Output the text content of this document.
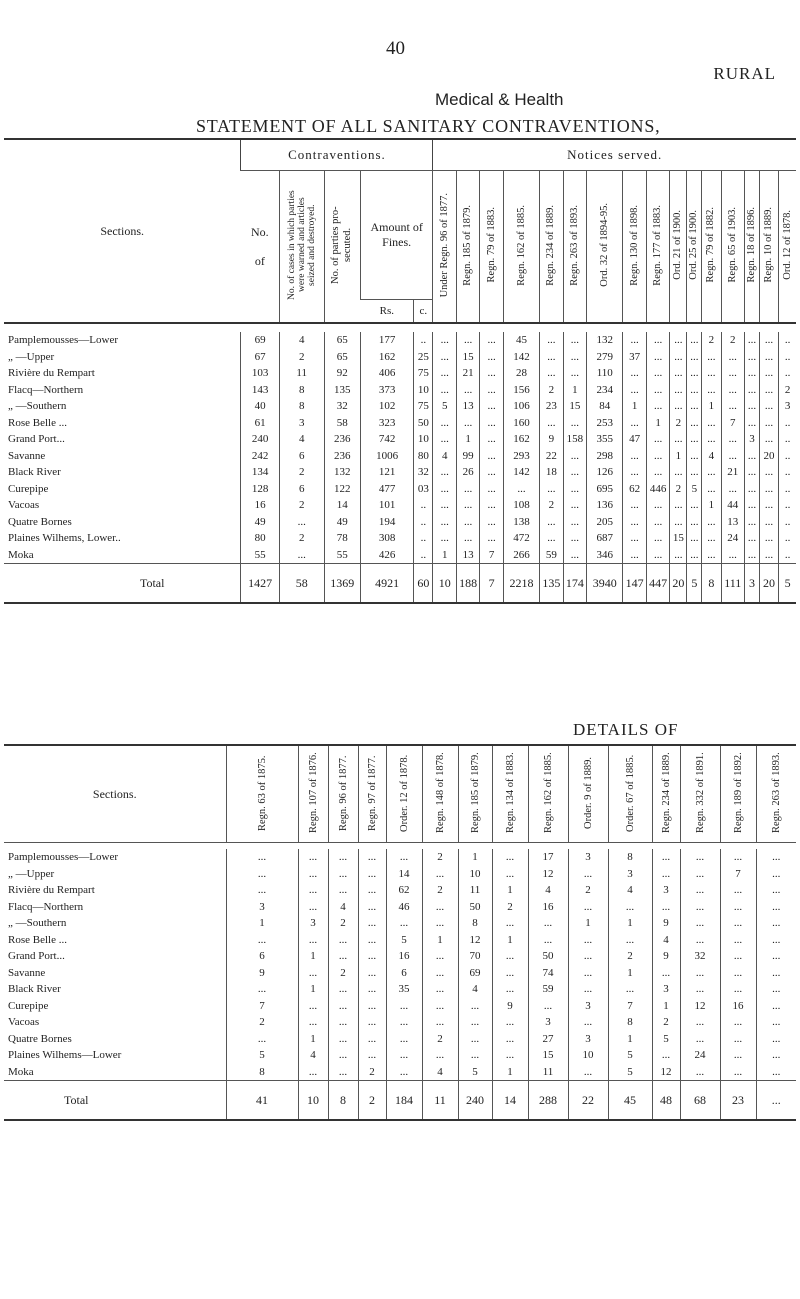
40
RURAL
Medical & Health
STATEMENT OF ALL SANITARY CONTRAVENTIONS,
Sections.	Contraventions.					Notices served.															

	No.
of	No. of cases in which parties were warned and articles seized and destroyed.	No. of parties pro-secuted.	Amount of Fines.		Under Regn. 96 of 1877.	Regn. 185 of 1879.	Regn. 79 of 1883.	Regn. 162 of 1885.	Regn. 234 of 1889.	Regn. 263 of 1893.	Ord. 32 of 1894-95.	Regn. 130 of 1898.	Regn. 177 of 1883.	Ord. 21 of 1900.	Ord. 25 of 1900.	Regn. 79 of 1882.	Regn. 65 of 1903.	Regn. 18 of 1896.	Regn. 10 of 1889.	Ord. 12 of 1878.
				Rs.	c.																

Pamplemousses—Lower	69	4	65	177	..	...	...	...	45	...	...	132	...	...	...	...	2	2	...	...	..
„ —Upper	67	2	65	162	25	...	15	...	142	...	...	279	37	...	...	...	...	...	...	...	..
Rivière du Rempart	103	11	92	406	75	...	21	...	28	...	...	110	...	...	...	...	...	...	...	...	..
Flacq—Northern	143	8	135	373	10	...	...	...	156	2	1	234	...	...	...	...	...	...	...	...	2
„ —Southern	40	8	32	102	75	5	13	...	106	23	15	84	1	...	...	...	1	...	...	...	3
Rose Belle ...	61	3	58	323	50	...	...	...	160	...	...	253	...	1	2	...	...	7	...	...	..
Grand Port...	240	4	236	742	10	...	1	...	162	9	158	355	47	...	...	...	...	...	3	...	..
Savanne	242	6	236	1006	80	4	99	...	293	22	...	298	...	...	1	...	4	...	...	20	..
Black River	134	2	132	121	32	...	26	...	142	18	...	126	...	...	...	...	...	21	...	...	..
Curepipe	128	6	122	477	03	...	...	...	...	...	...	695	62	446	2	5	...	...	...	...	..
Vacoas	16	2	14	101	..	...	...	...	108	2	...	136	...	...	...	...	1	44	...	...	..
Quatre Bornes	49	...	49	194	..	...	...	...	138	...	...	205	...	...	...	...	...	13	...	...	..
Plaines Wilhems, Lower..	80	2	78	308	..	...	...	...	472	...	...	687	...	...	15	...	...	24	...	...	..
Moka	55	...	55	426	..	1	13	7	266	59	...	346	...	...	...	...	...	...	...	...	..
Total	1427	58	1369	4921	60	10	188	7	2218	135	174	3940	147	447	20	5	8	111	3	20	5
DETAILS OF
Sections.	Regn. 63 of 1875.	Regn. 107 of 1876.	Regn. 96 of 1877.	Regn. 97 of 1877.	Order. 12 of 1878.	Regn. 148 of 1878.	Regn. 185 of 1879.	Regn. 134 of 1883.	Regn. 162 of 1885.	Order. 9 of 1889.	Order. 67 of 1885.	Regn. 234 of 1889.	Regn. 332 of 1891.	Regn. 189 of 1892.	Regn. 263 of 1893.

Pamplemousses—Lower	...	...	...	...	...	2	1	...	17	3	8	...	...	...	...
„ —Upper	...	...	...	...	14	...	10	...	12	...	3	...	...	7	...
Rivière du Rempart	...	...	...	...	62	2	11	1	4	2	4	3	...	...	...
Flacq—Northern	3	...	4	...	46	...	50	2	16	...	...	...	...	...	...
„ —Southern	1	3	2	...	...	...	8	...	...	1	1	9	...	...	...
Rose Belle ...	...	...	...	...	5	1	12	1	...	...	...	4	...	...	...
Grand Port...	6	1	...	...	16	...	70	...	50	...	2	9	32	...	...
Savanne	9	...	2	...	6	...	69	...	74	...	1	...	...	...	...
Black River	...	1	...	...	35	...	4	...	59	...	...	3	...	...	...
Curepipe	7	...	...	...	...	...	...	9	...	3	7	1	12	16	...
Vacoas	2	...	...	...	...	...	...	...	3	...	8	2	...	...	...
Quatre Bornes	...	1	...	...	...	2	...	...	27	3	1	5	...	...	...
Plaines Wilhems—Lower	5	4	...	...	...	...	...	...	15	10	5	...	24	...	...
Moka	8	...	...	2	...	4	5	1	11	...	5	12	...	...	...
Total	41	10	8	2	184	11	240	14	288	22	45	48	68	23	...
